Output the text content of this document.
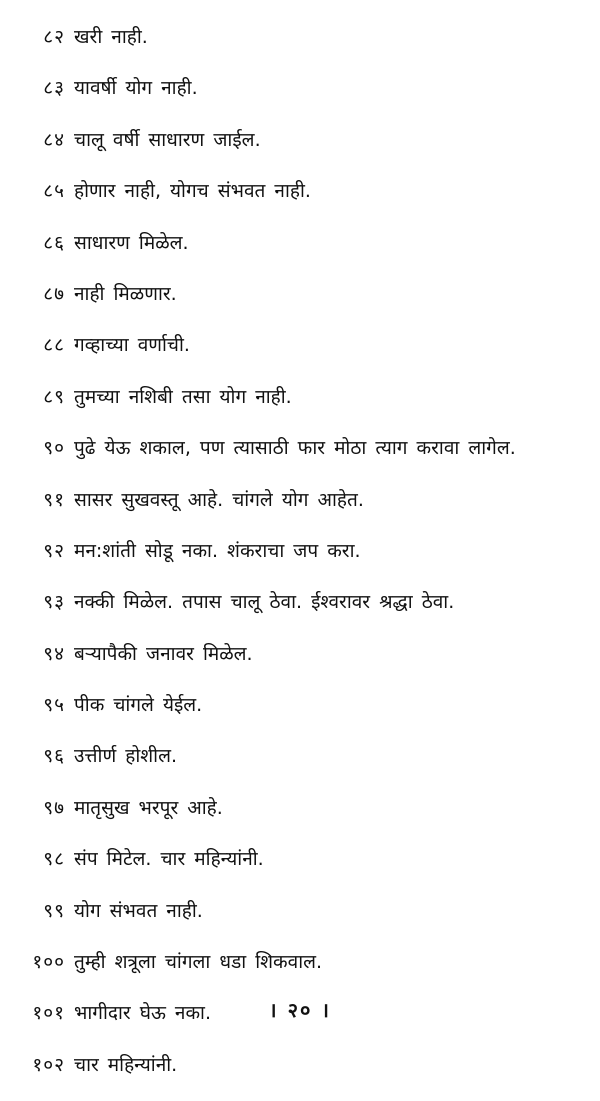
८२ खरी नाही.
८३ यावर्षी योग नाही.
८४ चालू वर्षी साधारण जाईल.
८५ होणार नाही, योगच संभवत नाही.
८६ साधारण मिळेल.
८७ नाही मिळणार.
८८ गव्हाच्या वर्णाची.
८९ तुमच्या नशिबी तसा योग नाही.
९० पुढे येऊ शकाल, पण त्यासाठी फार मोठा त्याग करावा लागेल.
९१ सासर सुखवस्तू आहे. चांगले योग आहेत.
९२ मन:शांती सोडू नका. शंकराचा जप करा.
९३ नक्की मिळेल. तपास चालू ठेवा. ईश्वरावर श्रद्धा ठेवा.
९४ बऱ्यापैकी जनावर मिळेल.
९५ पीक चांगले येईल.
९६ उत्तीर्ण होशील.
९७ मातृसुख भरपूर आहे.
९८ संप मिटेल. चार महिन्यांनी.
९९ योग संभवत नाही.
१०० तुम्ही शत्रूला चांगला धडा शिकवाल.
१०१ भागीदार घेऊ नका.
१०२ चार महिन्यांनी.
। २० ।
